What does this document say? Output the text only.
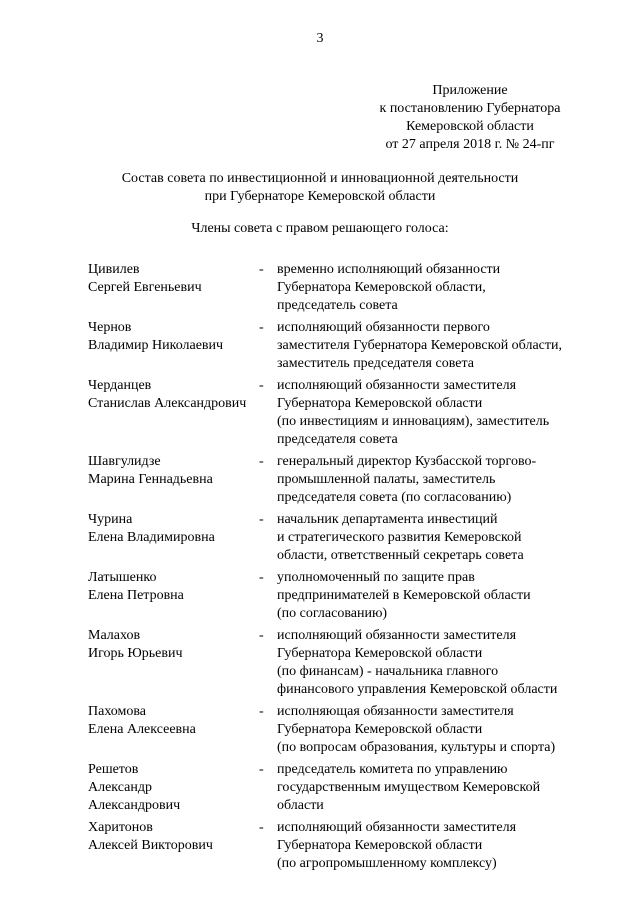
3
Приложение
к постановлению Губернатора
Кемеровской области
от 27 апреля 2018 г. № 24-пг
Состав совета по инвестиционной и инновационной деятельности
при Губернаторе Кемеровской области
Члены совета с правом решающего голоса:
Цивилев
Сергей Евгеньевич
- временно исполняющий обязанности
Губернатора Кемеровской области,
председатель совета
Чернов
Владимир Николаевич
- исполняющий обязанности первого
заместителя Губернатора Кемеровской области,
заместитель председателя совета
Черданцев
Станислав Александрович
- исполняющий обязанности заместителя
Губернатора Кемеровской области
(по инвестициям и инновациям), заместитель
председателя совета
Шавгулидзе
Марина Геннадьевна
- генеральный директор Кузбасской торгово-
промышленной палаты, заместитель
председателя совета (по согласованию)
Чурина
Елена Владимировна
- начальник департамента инвестиций
и стратегического развития Кемеровской
области, ответственный секретарь совета
Латышенко
Елена Петровна
- уполномоченный по защите прав
предпринимателей в Кемеровской области
(по согласованию)
Малахов
Игорь Юрьевич
- исполняющий обязанности заместителя
Губернатора Кемеровской области
(по финансам) - начальника главного
финансового управления Кемеровской области
Пахомова
Елена Алексеевна
- исполняющая обязанности заместителя
Губернатора Кемеровской области
(по вопросам образования, культуры и спорта)
Решетов
Александр
Александрович
- председатель комитета по управлению
государственным имуществом Кемеровской
области
Харитонов
Алексей Викторович
- исполняющий обязанности заместителя
Губернатора Кемеровской области
(по агропромышленному комплексу)
